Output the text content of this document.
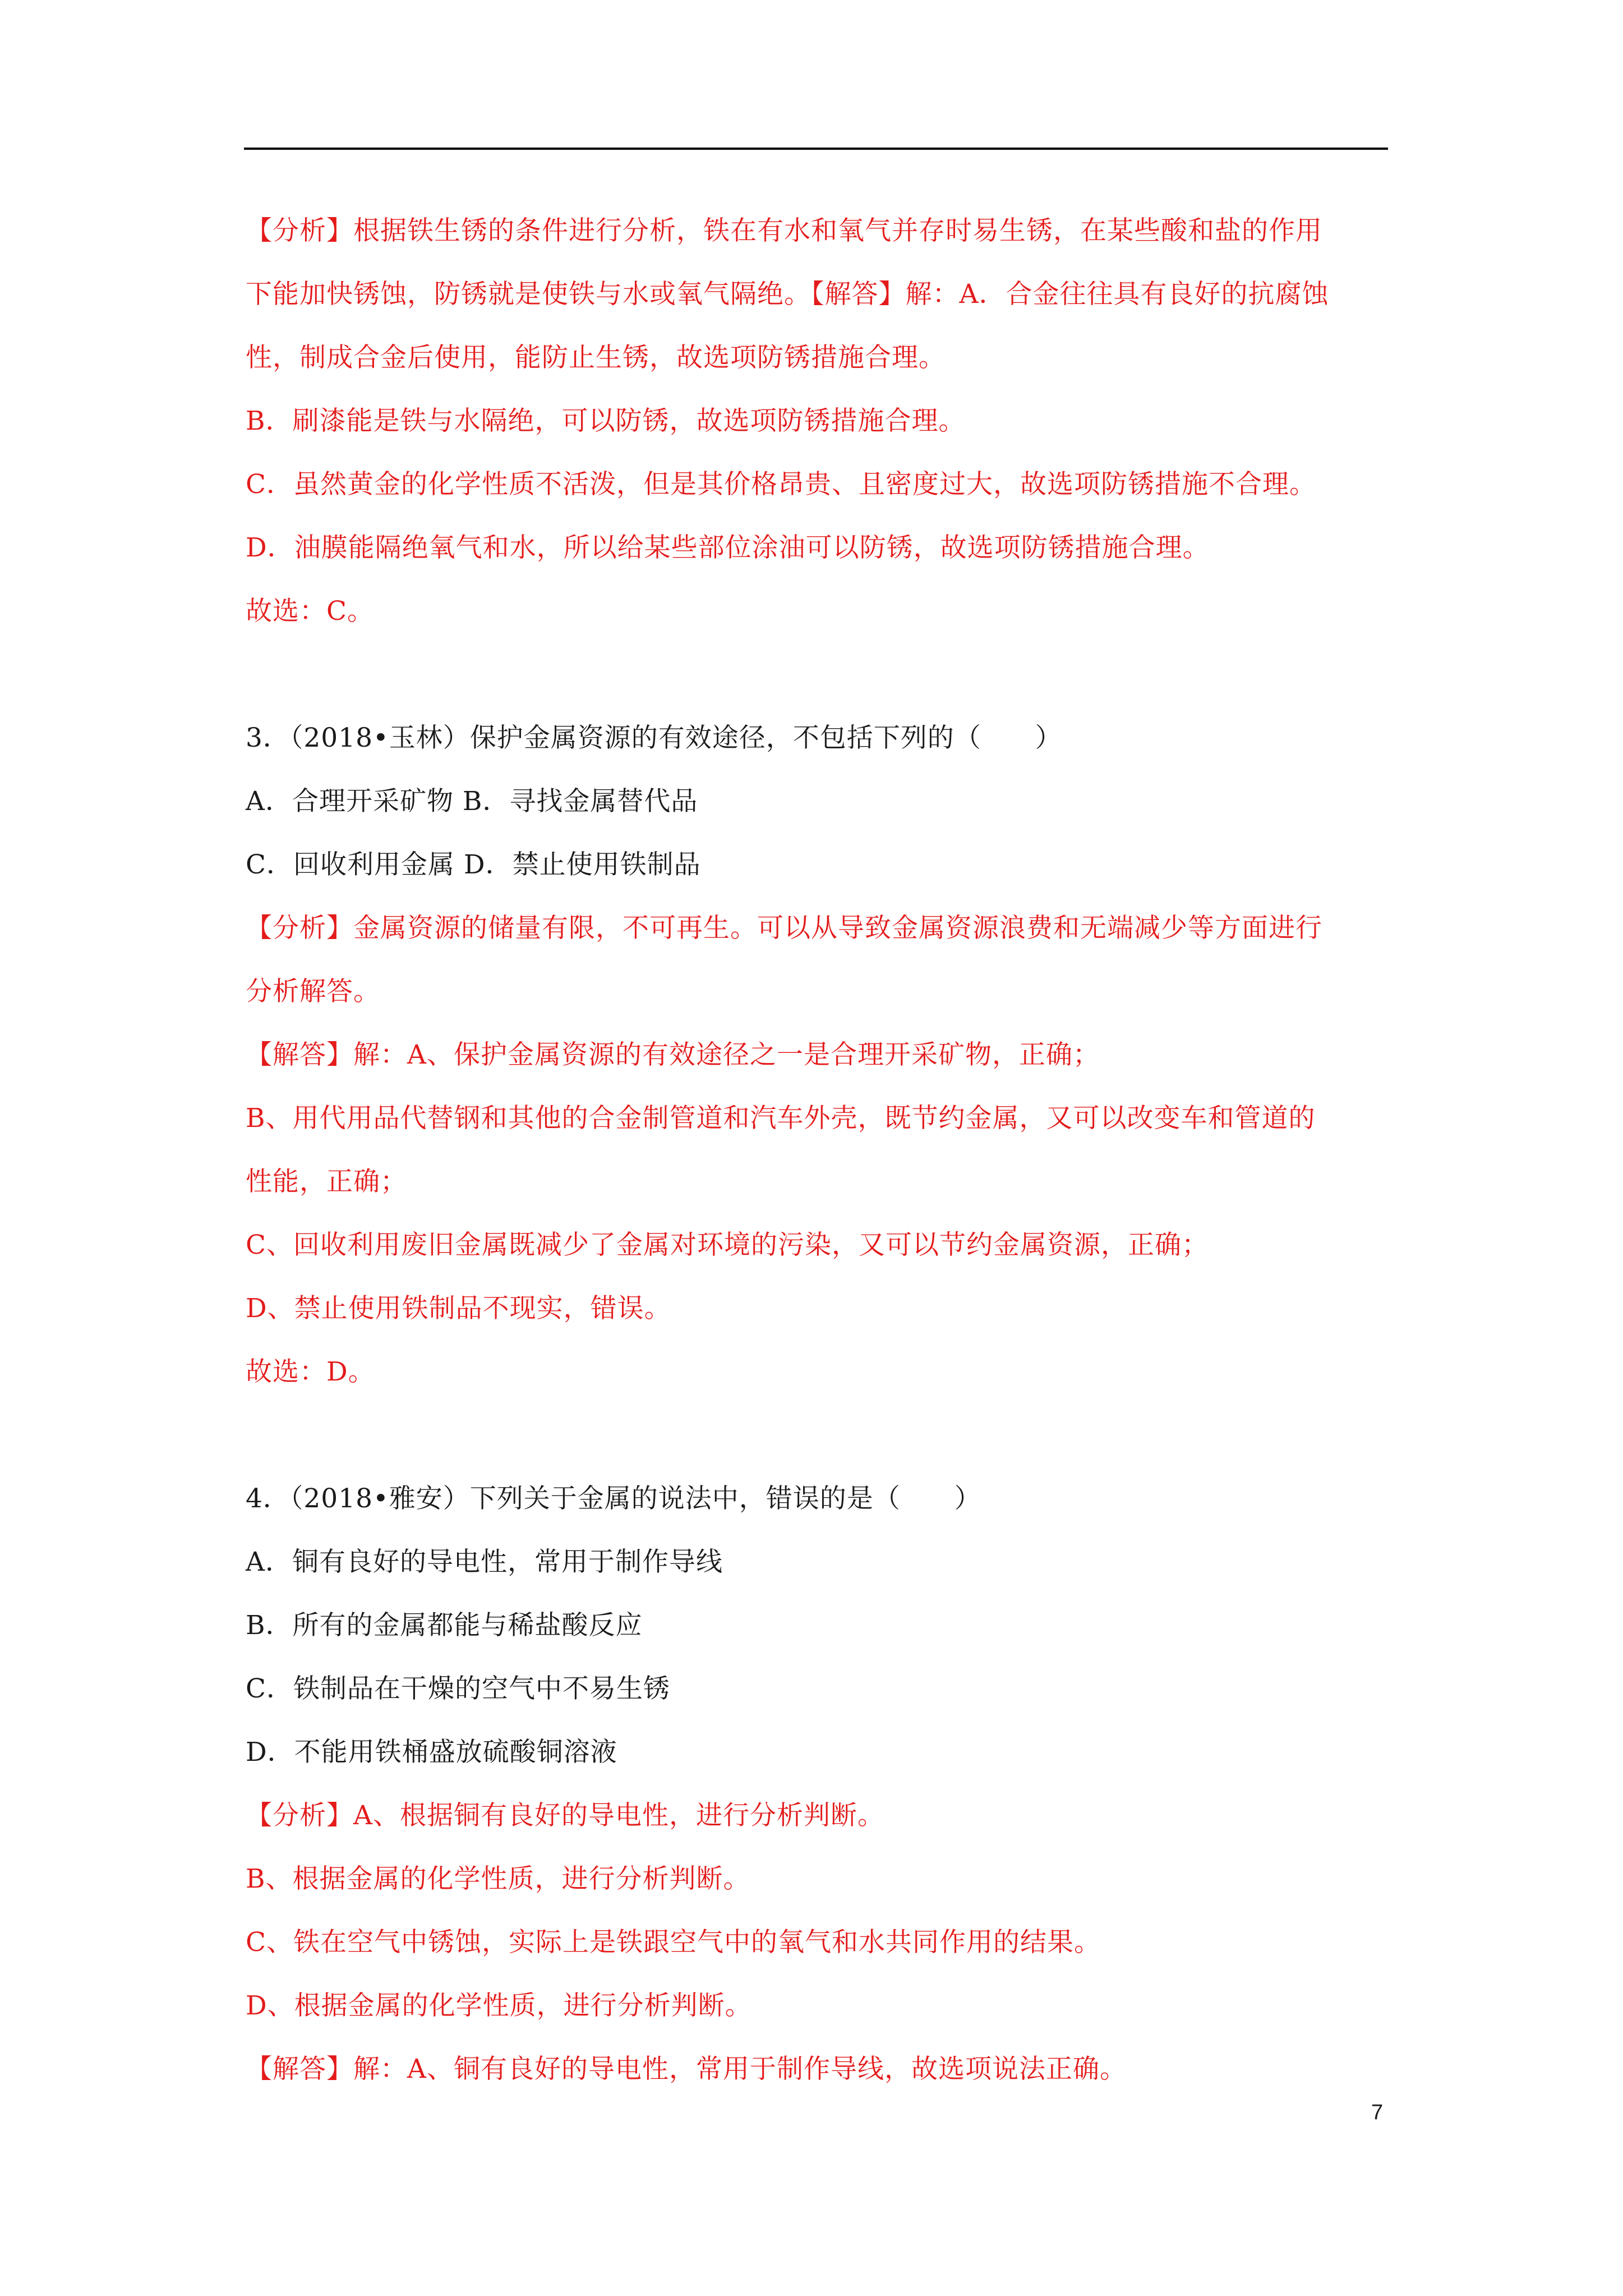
【分析】根据铁生锈的条件进行分析，铁在有水和氧气并存时易生锈，在某些酸和盐的作用
下能加快锈蚀，防锈就是使铁与水或氧气隔绝。【解答】解：A．合金往往具有良好的抗腐蚀
性，制成合金后使用，能防止生锈，故选项防锈措施合理。
B．刷漆能是铁与水隔绝，可以防锈，故选项防锈措施合理。
C．虽然黄金的化学性质不活泼，但是其价格昂贵、且密度过大，故选项防锈措施不合理。
D．油膜能隔绝氧气和水，所以给某些部位涂油可以防锈，故选项防锈措施合理。
故选：C。
3．（2018•玉林）保护金属资源的有效途径，不包括下列的（　　）
A．合理开采矿物 B．寻找金属替代品
C．回收利用金属 D．禁止使用铁制品
【分析】金属资源的储量有限，不可再生。可以从导致金属资源浪费和无端减少等方面进行
分析解答。
【解答】解：A、保护金属资源的有效途径之一是合理开采矿物，正确；
B、用代用品代替钢和其他的合金制管道和汽车外壳，既节约金属，又可以改变车和管道的
性能，正确；
C、回收利用废旧金属既减少了金属对环境的污染，又可以节约金属资源，正确；
D、禁止使用铁制品不现实，错误。
故选：D。
4．（2018•雅安）下列关于金属的说法中，错误的是（　　）
A．铜有良好的导电性，常用于制作导线
B．所有的金属都能与稀盐酸反应
C．铁制品在干燥的空气中不易生锈
D．不能用铁桶盛放硫酸铜溶液
【分析】A、根据铜有良好的导电性，进行分析判断。
B、根据金属的化学性质，进行分析判断。
C、铁在空气中锈蚀，实际上是铁跟空气中的氧气和水共同作用的结果。
D、根据金属的化学性质，进行分析判断。
【解答】解：A、铜有良好的导电性，常用于制作导线，故选项说法正确。
7
